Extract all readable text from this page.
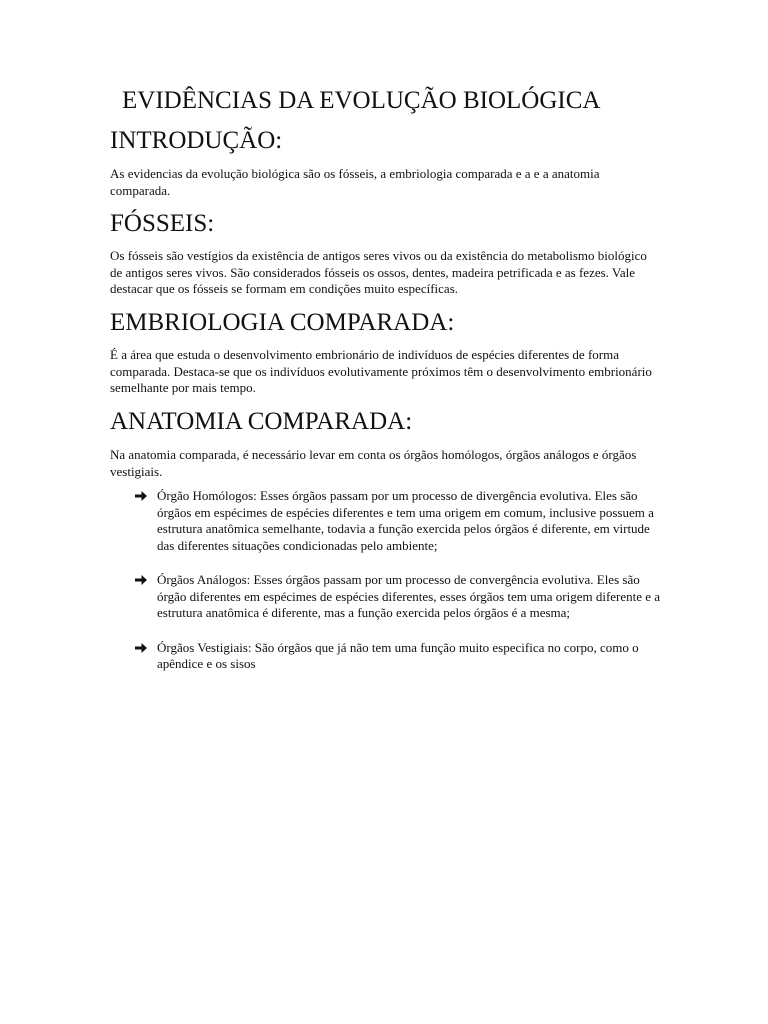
EVIDÊNCIAS DA EVOLUÇÃO BIOLÓGICA
INTRODUÇÃO:

As evidencias da evolução biológica são os fósseis, a embriologia comparada e a e a anatomia comparada.

FÓSSEIS:

Os fósseis são vestígios da existência de antigos seres vivos ou da existência do metabolismo biológico de antigos seres vivos. São considerados fósseis os ossos, dentes, madeira petrificada e as fezes. Vale destacar que os fósseis se formam em condições muito específicas.

EMBRIOLOGIA COMPARADA:

É a área que estuda o desenvolvimento embrionário de indivíduos de espécies diferentes de forma comparada. Destaca-se que os indivíduos evolutivamente próximos têm o desenvolvimento embrionário semelhante por mais tempo.

ANATOMIA COMPARADA:

Na anatomia comparada, é necessário levar em conta os órgãos homólogos, órgãos análogos e órgãos vestigiais.

Órgão Homólogos: Esses órgãos passam por um processo de divergência evolutiva. Eles são órgãos em espécimes de espécies diferentes e tem uma origem em comum, inclusive possuem a estrutura anatômica semelhante, todavia a função exercida pelos órgãos é diferente, em virtude das diferentes situações condicionadas pelo ambiente;
Órgãos Análogos: Esses órgãos passam por um processo de convergência evolutiva. Eles são órgão diferentes em espécimes de espécies diferentes, esses órgãos tem uma origem diferente e a estrutura anatômica é diferente, mas a função exercida pelos órgãos é a mesma;
Órgãos Vestigiais: São órgãos que já não tem uma função muito especifica no corpo, como o apêndice e os sisos
